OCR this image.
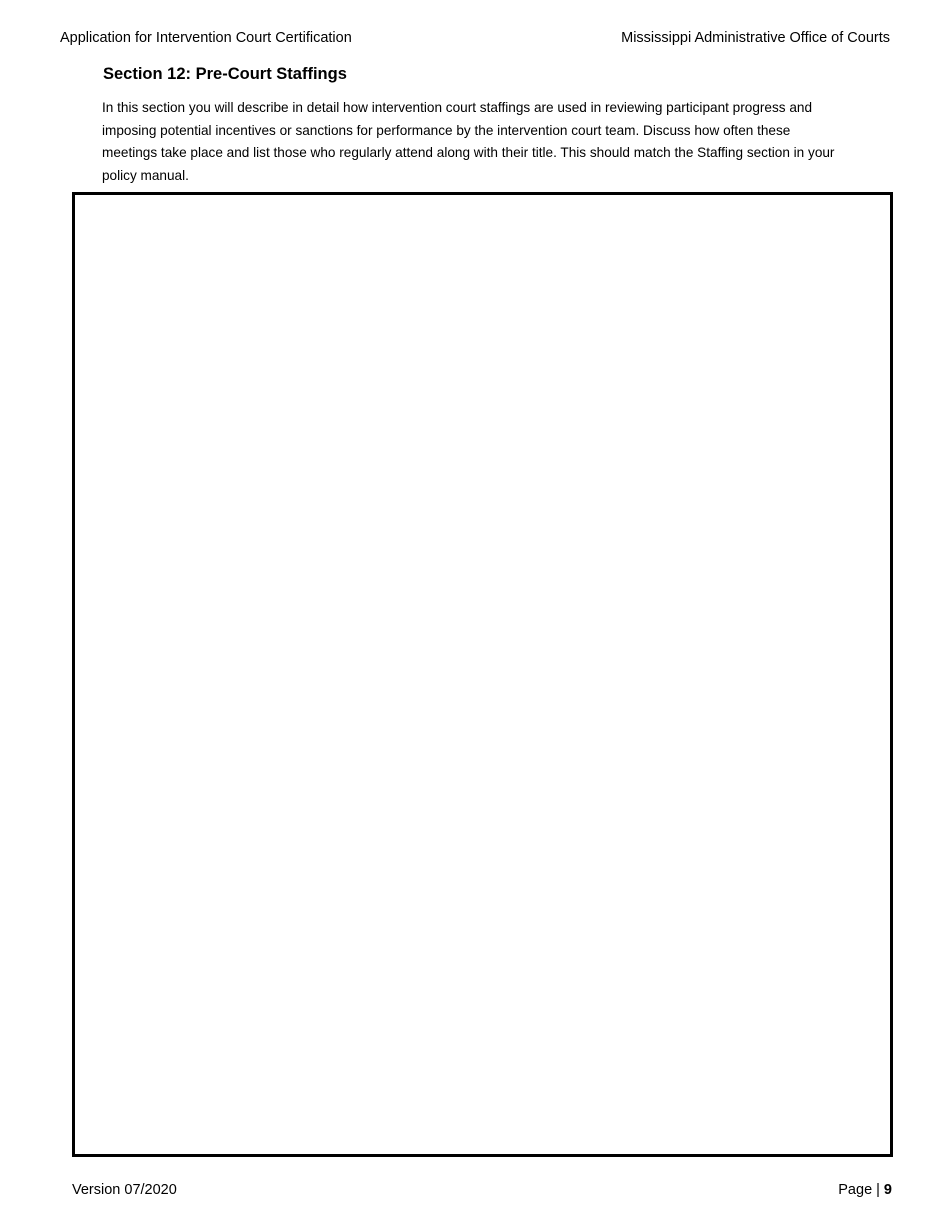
Application for Intervention Court Certification	Mississippi Administrative Office of Courts
Section 12: Pre-Court Staffings

In this section you will describe in detail how intervention court staffings are used in reviewing participant progress and imposing potential incentives or sanctions for performance by the intervention court team. Discuss how often these meetings take place and list those who regularly attend along with their title. This should match the Staffing section in your policy manual.

Version 07/2020	Page | 9
